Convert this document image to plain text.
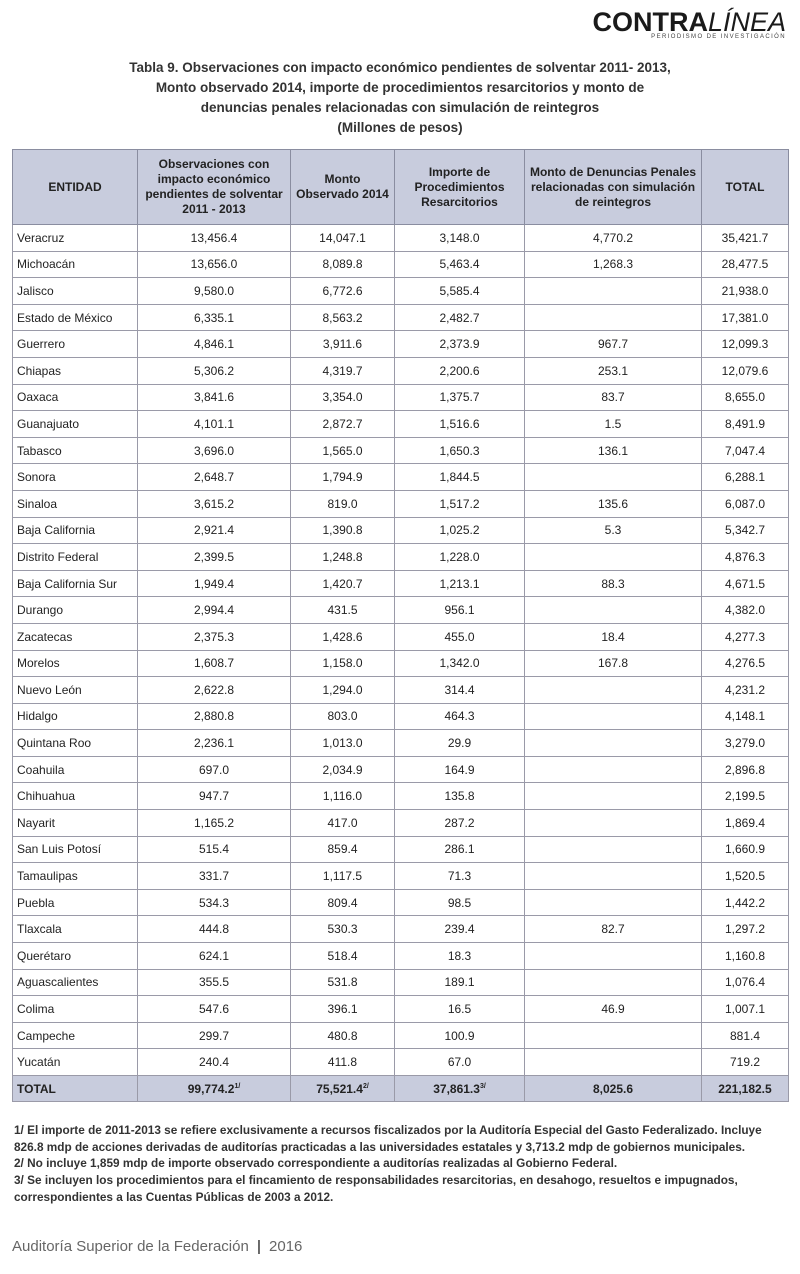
CONTRALÍNEA
PERIODISMO DE INVESTIGACIÓN
Tabla 9. Observaciones con impacto económico pendientes de solventar 2011- 2013,
Monto observado 2014, importe de procedimientos resarcitorios y monto de
denuncias penales relacionadas con simulación de reintegros
(Millones de pesos)
ENTIDAD	Observaciones con impacto económico pendientes de solventar 2011 - 2013	Monto Observado 2014	Importe de Procedimientos Resarcitorios	Monto de Denuncias Penales relacionadas con simulación de reintegros	TOTAL
Veracruz	13,456.4	14,047.1	3,148.0	4,770.2	35,421.7
Michoacán	13,656.0	8,089.8	5,463.4	1,268.3	28,477.5
Jalisco	9,580.0	6,772.6	5,585.4		21,938.0
Estado de México	6,335.1	8,563.2	2,482.7		17,381.0
Guerrero	4,846.1	3,911.6	2,373.9	967.7	12,099.3
Chiapas	5,306.2	4,319.7	2,200.6	253.1	12,079.6
Oaxaca	3,841.6	3,354.0	1,375.7	83.7	8,655.0
Guanajuato	4,101.1	2,872.7	1,516.6	1.5	8,491.9
Tabasco	3,696.0	1,565.0	1,650.3	136.1	7,047.4
Sonora	2,648.7	1,794.9	1,844.5		6,288.1
Sinaloa	3,615.2	819.0	1,517.2	135.6	6,087.0
Baja California	2,921.4	1,390.8	1,025.2	5.3	5,342.7
Distrito Federal	2,399.5	1,248.8	1,228.0		4,876.3
Baja California Sur	1,949.4	1,420.7	1,213.1	88.3	4,671.5
Durango	2,994.4	431.5	956.1		4,382.0
Zacatecas	2,375.3	1,428.6	455.0	18.4	4,277.3
Morelos	1,608.7	1,158.0	1,342.0	167.8	4,276.5
Nuevo León	2,622.8	1,294.0	314.4		4,231.2
Hidalgo	2,880.8	803.0	464.3		4,148.1
Quintana Roo	2,236.1	1,013.0	29.9		3,279.0
Coahuila	697.0	2,034.9	164.9		2,896.8
Chihuahua	947.7	1,116.0	135.8		2,199.5
Nayarit	1,165.2	417.0	287.2		1,869.4
San Luis Potosí	515.4	859.4	286.1		1,660.9
Tamaulipas	331.7	1,117.5	71.3		1,520.5
Puebla	534.3	809.4	98.5		1,442.2
Tlaxcala	444.8	530.3	239.4	82.7	1,297.2
Querétaro	624.1	518.4	18.3		1,160.8
Aguascalientes	355.5	531.8	189.1		1,076.4
Colima	547.6	396.1	16.5	46.9	1,007.1
Campeche	299.7	480.8	100.9		881.4
Yucatán	240.4	411.8	67.0		719.2
TOTAL	$99,774.2^{1/}$	$75,521.4^{2/}$	$37,861.3^{3/}$	8,025.6	221,182.5

1/ El importe de 2011-2013 se refiere exclusivamente a recursos fiscalizados por la Auditoría Especial del Gasto Federalizado. Incluye 826.8 mdp de acciones derivadas de auditorías practicadas a las universidades estatales y 3,713.2 mdp de gobiernos municipales.

2/ No incluye 1,859 mdp de importe observado correspondiente a auditorías realizadas al Gobierno Federal.

3/ Se incluyen los procedimientos para el fincamiento de responsabilidades resarcitorias, en desahogo, resueltos e impugnados, correspondientes a las Cuentas Públicas de 2003 a 2012.

Auditoría Superior de la Federación | 2016
